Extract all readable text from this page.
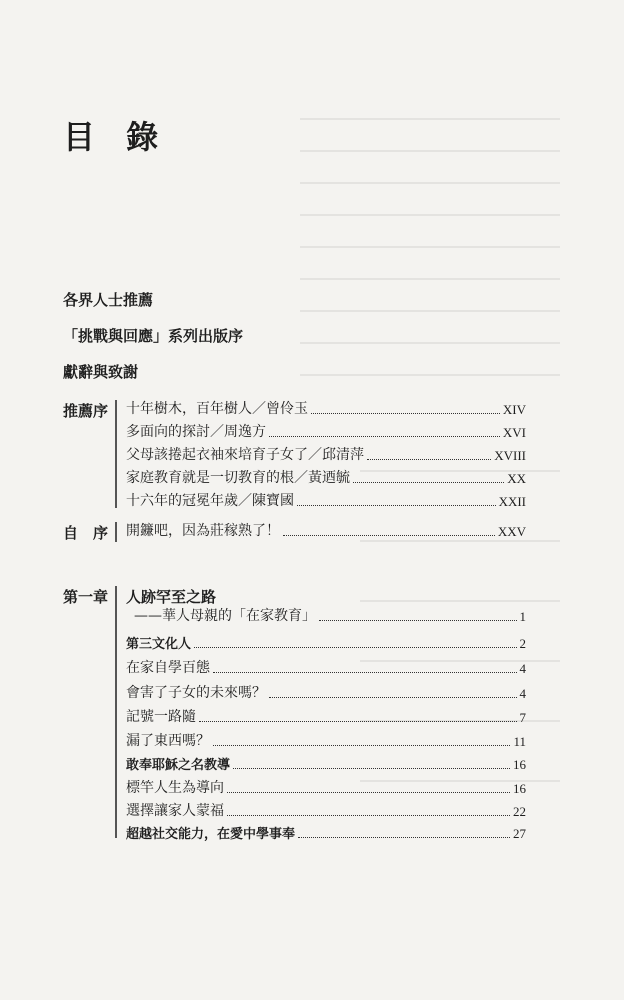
目 錄
各界人士推薦
「挑戰與回應」系列出版序
獻辭與致謝
推薦序 十年樹木，百年樹人／曾伶玉	XIV
多面向的探討／周逸方	XVI
父母該捲起衣袖來培育子女了／邱清萍	XVIII
家庭教育就是一切教育的根／黃迺毓	XX
十六年的冠冕年歲／陳寶國	XXII
自　序 開鐮吧，因為莊稼熟了！	XXV
第一章 人跡罕至之路
——華人母親的「在家教育」	1
第三文化人	2
在家自學百態	4
會害了子女的未來嗎？	4
記號一路隨	7
漏了東西嗎？	11
敢奉耶穌之名教導	16
標竿人生為導向	16
選擇讓家人蒙福	22
超越社交能力，在愛中學事奉	27
